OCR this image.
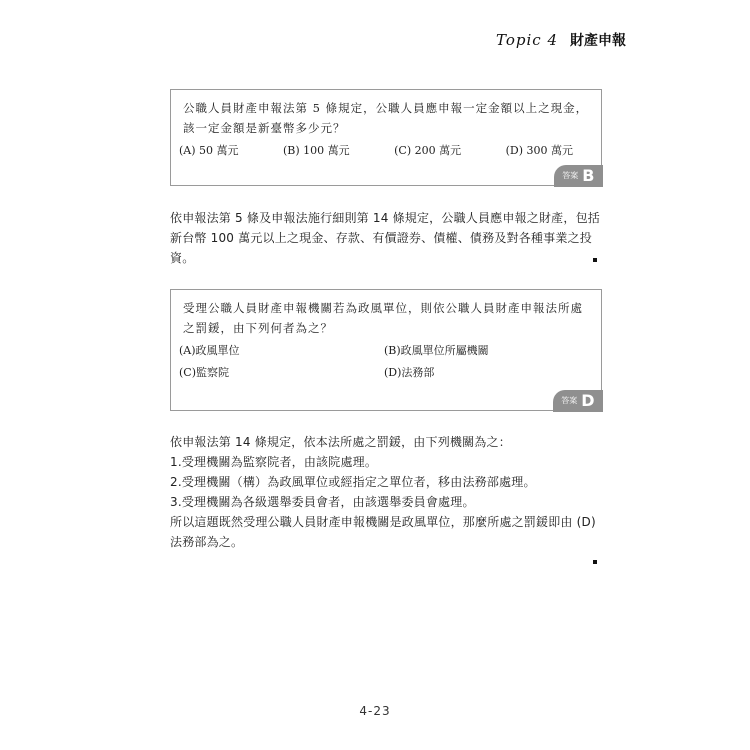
Topic 4 財產申報
公職人員財產申報法第 5 條規定，公職人員應申報一定金額以上之現金，該一定金額是新臺幣多少元？
(A) 50 萬元	(B) 100 萬元	(C) 200 萬元	(D) 300 萬元
答案 B
依申報法第 5 條及申報法施行細則第 14 條規定，公職人員應申報之財產，包括新台幣 100 萬元以上之現金、存款、有價證券、債權、債務及對各種事業之投資。
受理公職人員財產申報機關若為政風單位，則依公職人員財產申報法所處之罰鍰，由下列何者為之？
(A)政風單位	(B)政風單位所屬機關
(C)監察院	(D)法務部
答案 D
依申報法第 14 條規定，依本法所處之罰鍰，由下列機關為之：
1.受理機關為監察院者，由該院處理。
2.受理機關（構）為政風單位或經指定之單位者，移由法務部處理。
3.受理機關為各級選舉委員會者，由該選舉委員會處理。
所以這題既然受理公職人員財產申報機關是政風單位，那麼所處之罰鍰即由 (D) 法務部為之。
4-23
